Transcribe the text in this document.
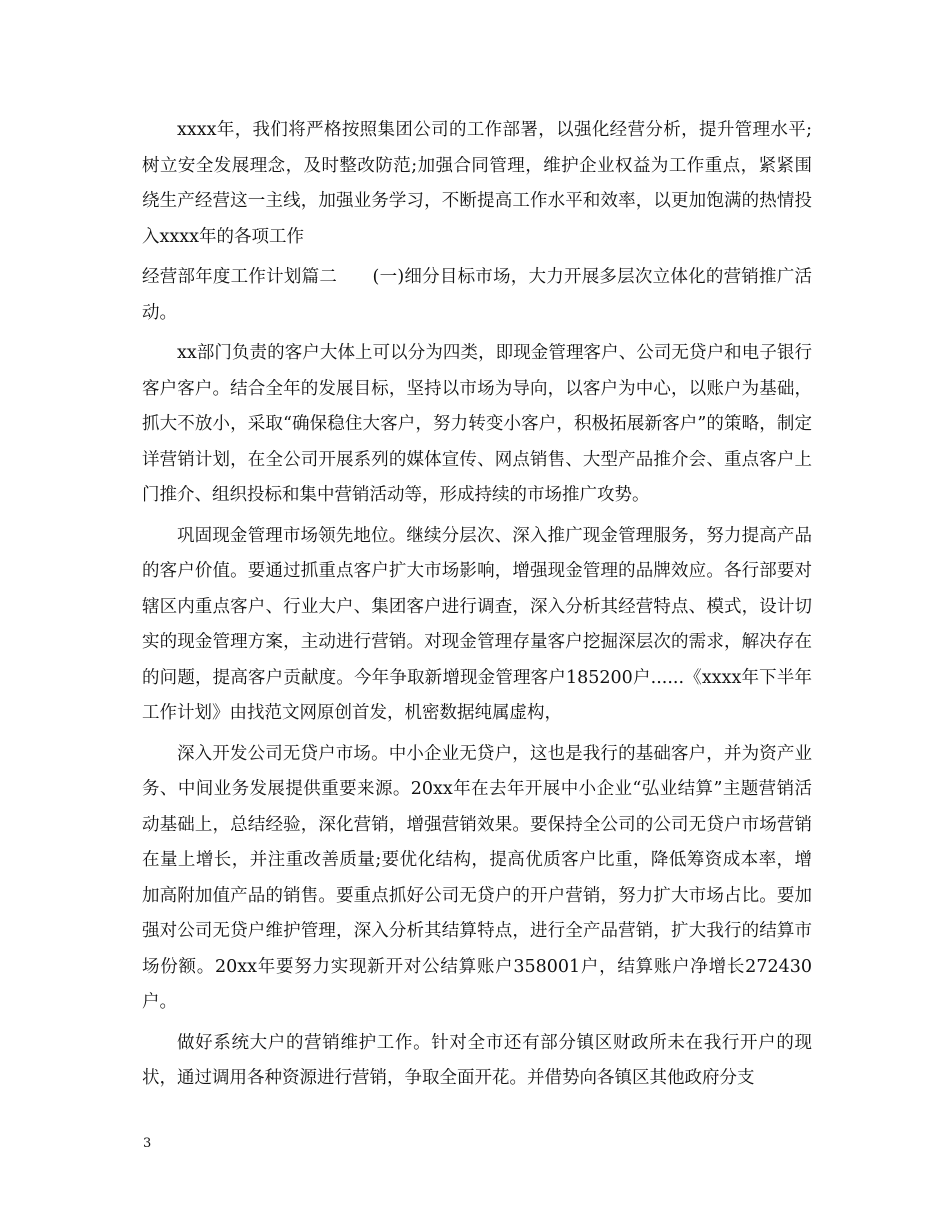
xxxx年，我们将严格按照集团公司的工作部署，以强化经营分析，提升管理水平;树立安全发展理念，及时整改防范;加强合同管理，维护企业权益为工作重点，紧紧围绕生产经营这一主线，加强业务学习，不断提高工作水平和效率，以更加饱满的热情投入xxxx年的各项工作

经营部年度工作计划篇二　　(一)细分目标市场，大力开展多层次立体化的营销推广活动。

xx部门负责的客户大体上可以分为四类，即现金管理客户、公司无贷户和电子银行客户客户。结合全年的发展目标，坚持以市场为导向，以客户为中心，以账户为基础，抓大不放小，采取“确保稳住大客户，努力转变小客户，积极拓展新客户”的策略，制定详营销计划，在全公司开展系列的媒体宣传、网点销售、大型产品推介会、重点客户上门推介、组织投标和集中营销活动等，形成持续的市场推广攻势。

巩固现金管理市场领先地位。继续分层次、深入推广现金管理服务，努力提高产品的客户价值。要通过抓重点客户扩大市场影响，增强现金管理的品牌效应。各行部要对辖区内重点客户、行业大户、集团客户进行调查，深入分析其经营特点、模式，设计切实的现金管理方案，主动进行营销。对现金管理存量客户挖掘深层次的需求，解决存在的问题，提高客户贡献度。今年争取新增现金管理客户185200户......《xxxx年下半年工作计划》由找范文网原创首发，机密数据纯属虚构，

深入开发公司无贷户市场。中小企业无贷户，这也是我行的基础客户，并为资产业务、中间业务发展提供重要来源。20xx年在去年开展中小企业“弘业结算”主题营销活动基础上，总结经验，深化营销，增强营销效果。要保持全公司的公司无贷户市场营销在量上增长，并注重改善质量;要优化结构，提高优质客户比重，降低筹资成本率，增加高附加值产品的销售。要重点抓好公司无贷户的开户营销，努力扩大市场占比。要加强对公司无贷户维护管理，深入分析其结算特点，进行全产品营销，扩大我行的结算市场份额。20xx年要努力实现新开对公结算账户358001户，结算账户净增长272430户。

做好系统大户的营销维护工作。针对全市还有部分镇区财政所未在我行开户的现状，通过调用各种资源进行营销，争取全面开花。并借势向各镇区其他政府分支

3
